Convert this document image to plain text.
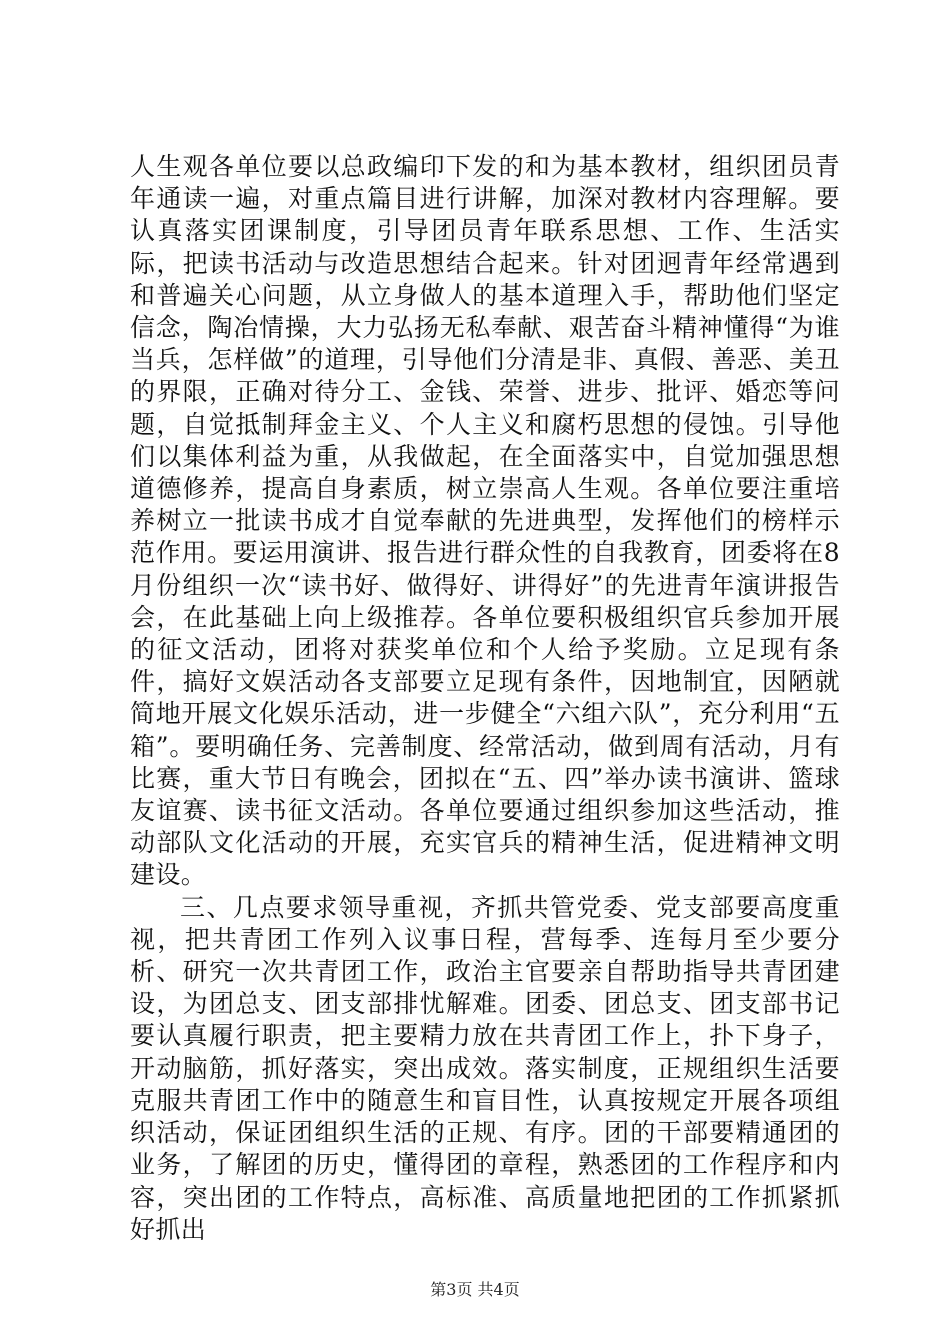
人生观各单位要以总政编印下发的和为基本教材，组织团员青年通读一遍，对重点篇目进行讲解，加深对教材内容理解。要认真落实团课制度，引导团员青年联系思想、工作、生活实际，把读书活动与改造思想结合起来。针对团迥青年经常遇到和普遍关心问题，从立身做人的基本道理入手，帮助他们坚定信念，陶冶情操，大力弘扬无私奉献、艰苦奋斗精神懂得“为谁当兵，怎样做”的道理，引导他们分清是非、真假、善恶、美丑的界限，正确对待分工、金钱、荣誉、进步、批评、婚恋等问题，自觉抵制拜金主义、个人主义和腐朽思想的侵蚀。引导他们以集体利益为重，从我做起，在全面落实中，自觉加强思想道德修养，提高自身素质，树立崇高人生观。各单位要注重培养树立一批读书成才自觉奉献的先进典型，发挥他们的榜样示范作用。要运用演讲、报告进行群众性的自我教育，团委将在8月份组织一次“读书好、做得好、讲得好”的先进青年演讲报告会，在此基础上向上级推荐。各单位要积极组织官兵参加开展的征文活动，团将对获奖单位和个人给予奖励。立足现有条件，搞好文娱活动各支部要立足现有条件，因地制宜，因陋就简地开展文化娱乐活动，进一步健全“六组六队”，充分利用“五箱”。要明确任务、完善制度、经常活动，做到周有活动，月有比赛，重大节日有晚会，团拟在“五、四”举办读书演讲、篮球友谊赛、读书征文活动。各单位要通过组织参加这些活动，推动部队文化活动的开展，充实官兵的精神生活，促进精神文明建设。

三、几点要求领导重视，齐抓共管党委、党支部要高度重视，把共青团工作列入议事日程，营每季、连每月至少要分析、研究一次共青团工作，政治主官要亲自帮助指导共青团建设，为团总支、团支部排忧解难。团委、团总支、团支部书记要认真履行职责，把主要精力放在共青团工作上，扑下身子，开动脑筋，抓好落实，突出成效。落实制度，正规组织生活要克服共青团工作中的随意生和盲目性，认真按规定开展各项组织活动，保证团组织生活的正规、有序。团的干部要精通团的业务，了解团的历史，懂得团的章程，熟悉团的工作程序和内容，突出团的工作特点，高标准、高质量地把团的工作抓紧抓好抓出

第3页 共4页
